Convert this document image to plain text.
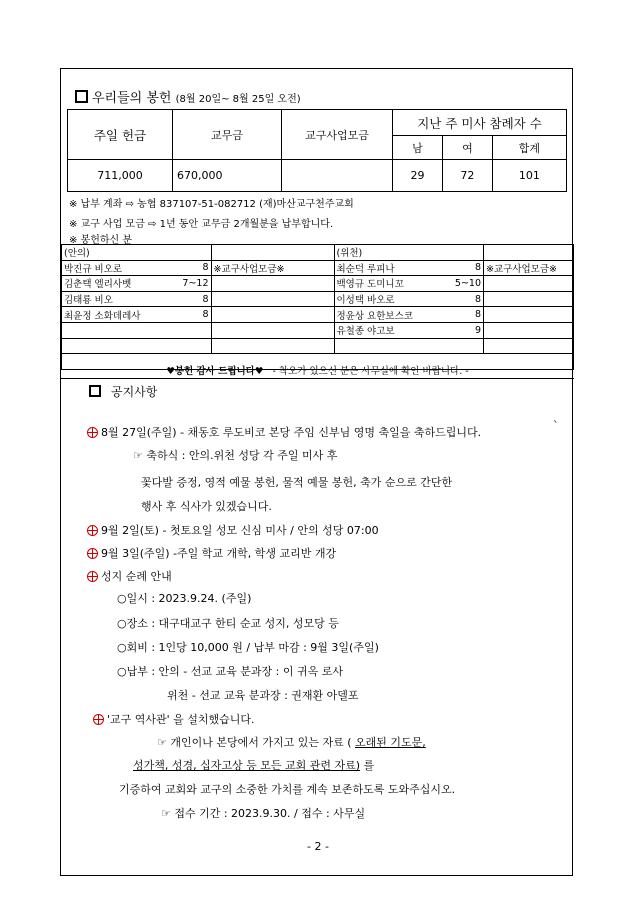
우리들의 봉헌 (8월 20일~ 8월 25일 오전)
주일 헌금	교무금	교구사업모금	지난 주 미사 참례자 수		
			남	여	합계
711,000	670,000		29	72	101
※ 납부 계좌 ⇨ 농협 837107-51-082712 (재)마산교구천주교회
※ 교구 사업 모금 ⇨ 1년 동안 교무금 2개월분을 납부합니다.
※ 봉헌하신 분
(안의)			(위천)		
박진규 비오로	8	※교구사업모금※	최순덕 루피나	8	※교구사업모금※
김춘택 엘리사벳	7~12		백영규 도미니꼬	5~10	
김태룡 비오	8		이성택 바오로	8	
최윤정 소화데레사	8		정윤상 요한보스코	8	
			유철종 야고보	9	

♥봉헌 감사 드립니다♥ - 착오가 있으신 분은 사무실에 확인 바랍니다. -
공지사항
8월 27일(주일) - 채동호 루도비코 본당 주임 신부님 영명 축일을 축하드립니다.
`
☞ 축하식 : 안의.위천 성당 각 주일 미사 후
꽃다발 증정, 영적 예물 봉헌, 물적 예물 봉헌, 축가 순으로 간단한
행사 후 식사가 있겠습니다.
9월 2일(토) - 첫토요일 성모 신심 미사 / 안의 성당 07:00
9월 3일(주일) -주일 학교 개학, 학생 교리반 개강
성지 순례 안내
○일시 : 2023.9.24. (주일)
○장소 : 대구대교구 한티 순교 성지, 성모당 등
○회비 : 1인당 10,000 원 / 납부 마감 : 9월 3일(주일)
○납부 : 안의 - 선교 교육 분과장 : 이 귀옥 로사
위천 - 선교 교육 분과장 : 권재환 아델포
'교구 역사관' 을 설치했습니다.
☞ 개인이나 본당에서 가지고 있는 자료 ( 오래된 기도문,
성가책, 성경, 십자고상 등 모든 교회 관련 자료) 를
기증하여 교회와 교구의 소중한 가치를 계속 보존하도록 도와주십시오.
☞ 접수 기간 : 2023.9.30. / 접수 : 사무실
- 2 -
